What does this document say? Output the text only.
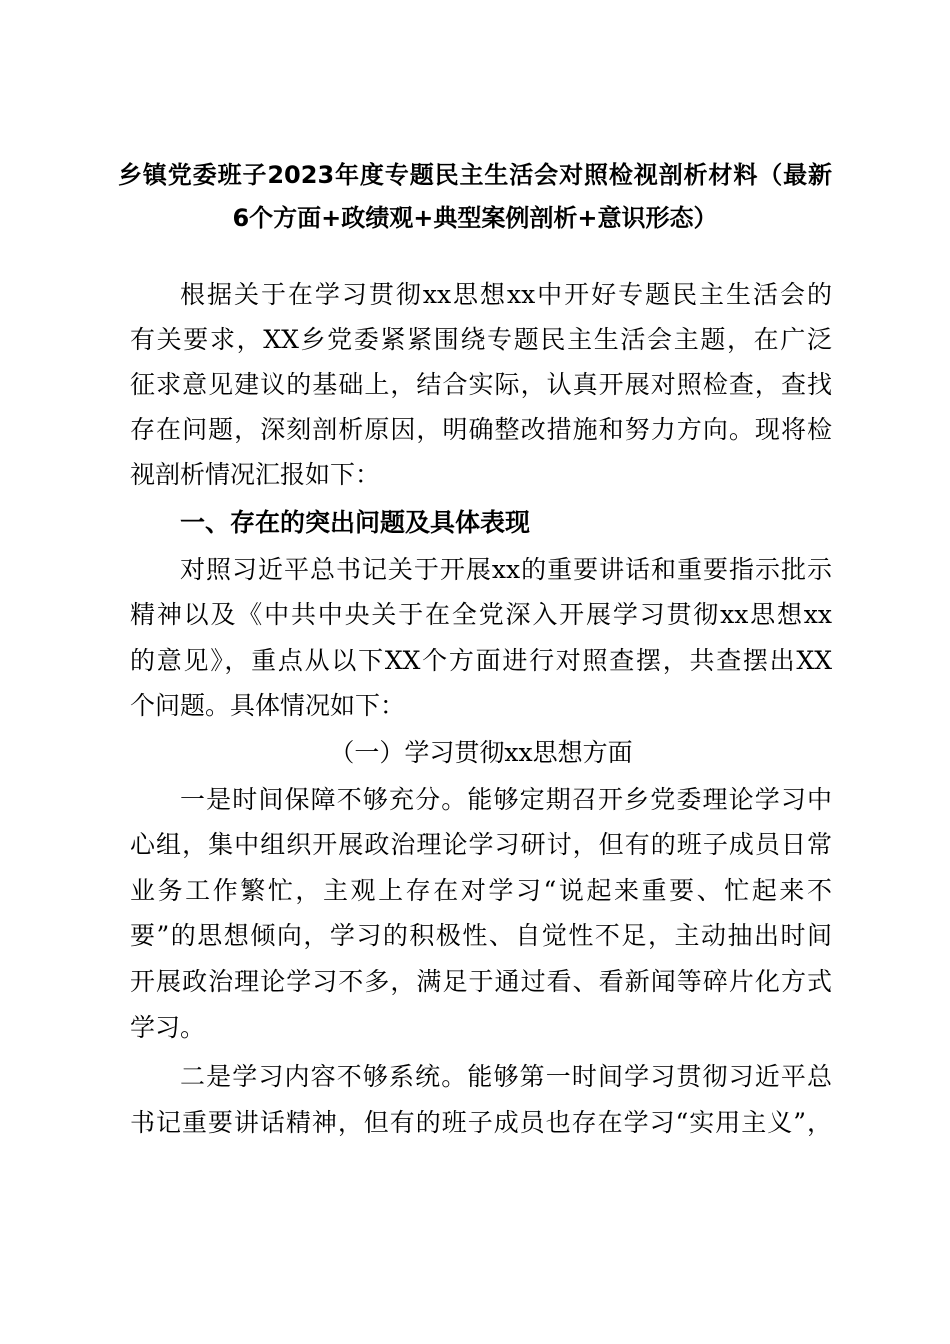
乡镇党委班子2023年度专题民主生活会对照检视剖析材料（最新
6个方面+政绩观+典型案例剖析+意识形态）
根据关于在学习贯彻xx思想xx中开好专题民主生活会的
有关要求，XX乡党委紧紧围绕专题民主生活会主题，在广泛
征求意见建议的基础上，结合实际，认真开展对照检查，查找
存在问题，深刻剖析原因，明确整改措施和努力方向。现将检
视剖析情况汇报如下：
一、存在的突出问题及具体表现
对照习近平总书记关于开展xx的重要讲话和重要指示批示
精神以及《中共中央关于在全党深入开展学习贯彻xx思想xx
的意见》，重点从以下XX个方面进行对照查摆，共查摆出XX
个问题。具体情况如下：
（一）学习贯彻xx思想方面
一是时间保障不够充分。能够定期召开乡党委理论学习中
心组，集中组织开展政治理论学习研讨，但有的班子成员日常
业务工作繁忙，主观上存在对学习“说起来重要、忙起来不
要”的思想倾向，学习的积极性、自觉性不足，主动抽出时间
开展政治理论学习不多，满足于通过看、看新闻等碎片化方式
学习。
二是学习内容不够系统。能够第一时间学习贯彻习近平总
书记重要讲话精神，但有的班子成员也存在学习“实用主义”，
